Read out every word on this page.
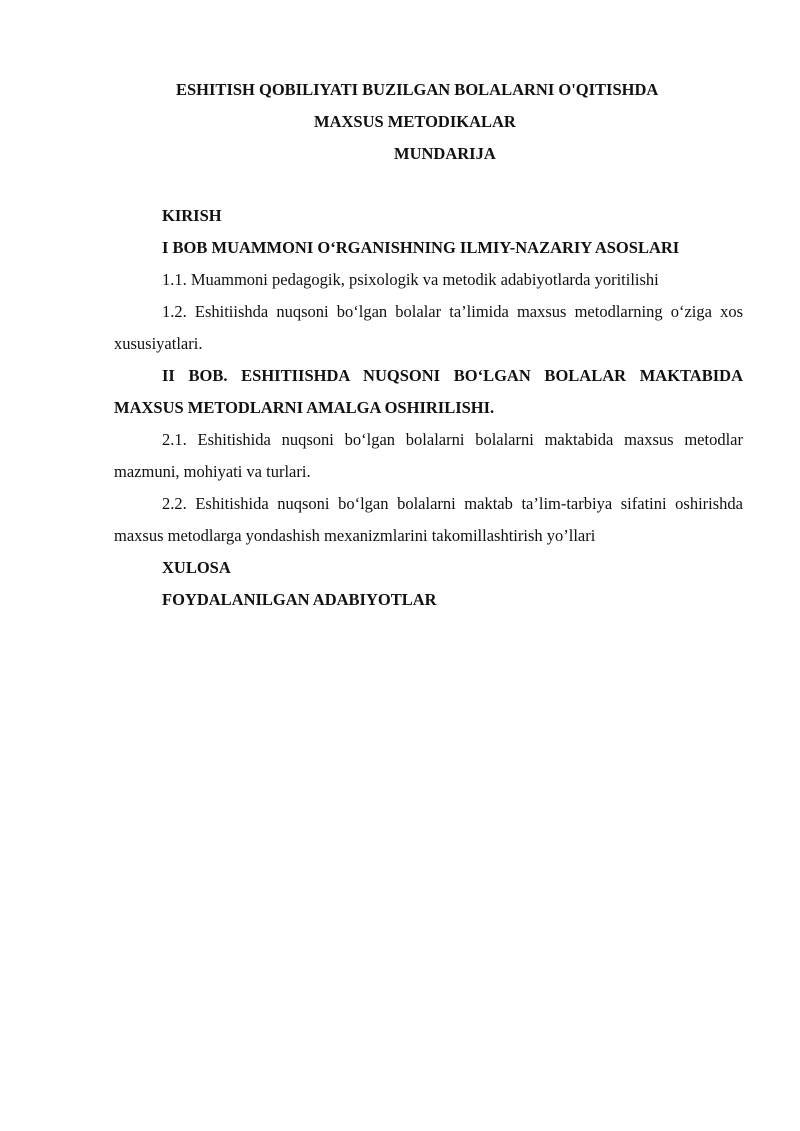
ESHITISH QOBILIYATI BUZILGAN BOLALARNI O'QITISHDA
MAXSUS METODIKALAR
MUNDARIJA

KIRISH

I BOB MUAMMONI O‘RGANISHNING ILMIY-NAZARIY ASOSLARI

1.1. Muammoni pedagogik, psixologik va metodik adabiyotlarda yoritilishi

1.2. Eshitiishda nuqsoni bo‘lgan bolalar ta’limida maxsus metodlarning o‘ziga xos xususiyatlari.

II BOB. ESHITIISHDA NUQSONI BO‘LGAN BOLALAR MAKTABIDA MAXSUS METODLARNI AMALGA OSHIRILISHI.

2.1. Eshitishida nuqsoni bo‘lgan bolalarni bolalarni maktabida maxsus metodlar mazmuni, mohiyati va turlari.

2.2. Eshitishida nuqsoni bo‘lgan bolalarni maktab ta’lim-tarbiya sifatini oshirishda maxsus metodlarga yondashish mexanizmlarini takomillashtirish yo’llari

XULOSA

FOYDALANILGAN ADABIYOTLAR
